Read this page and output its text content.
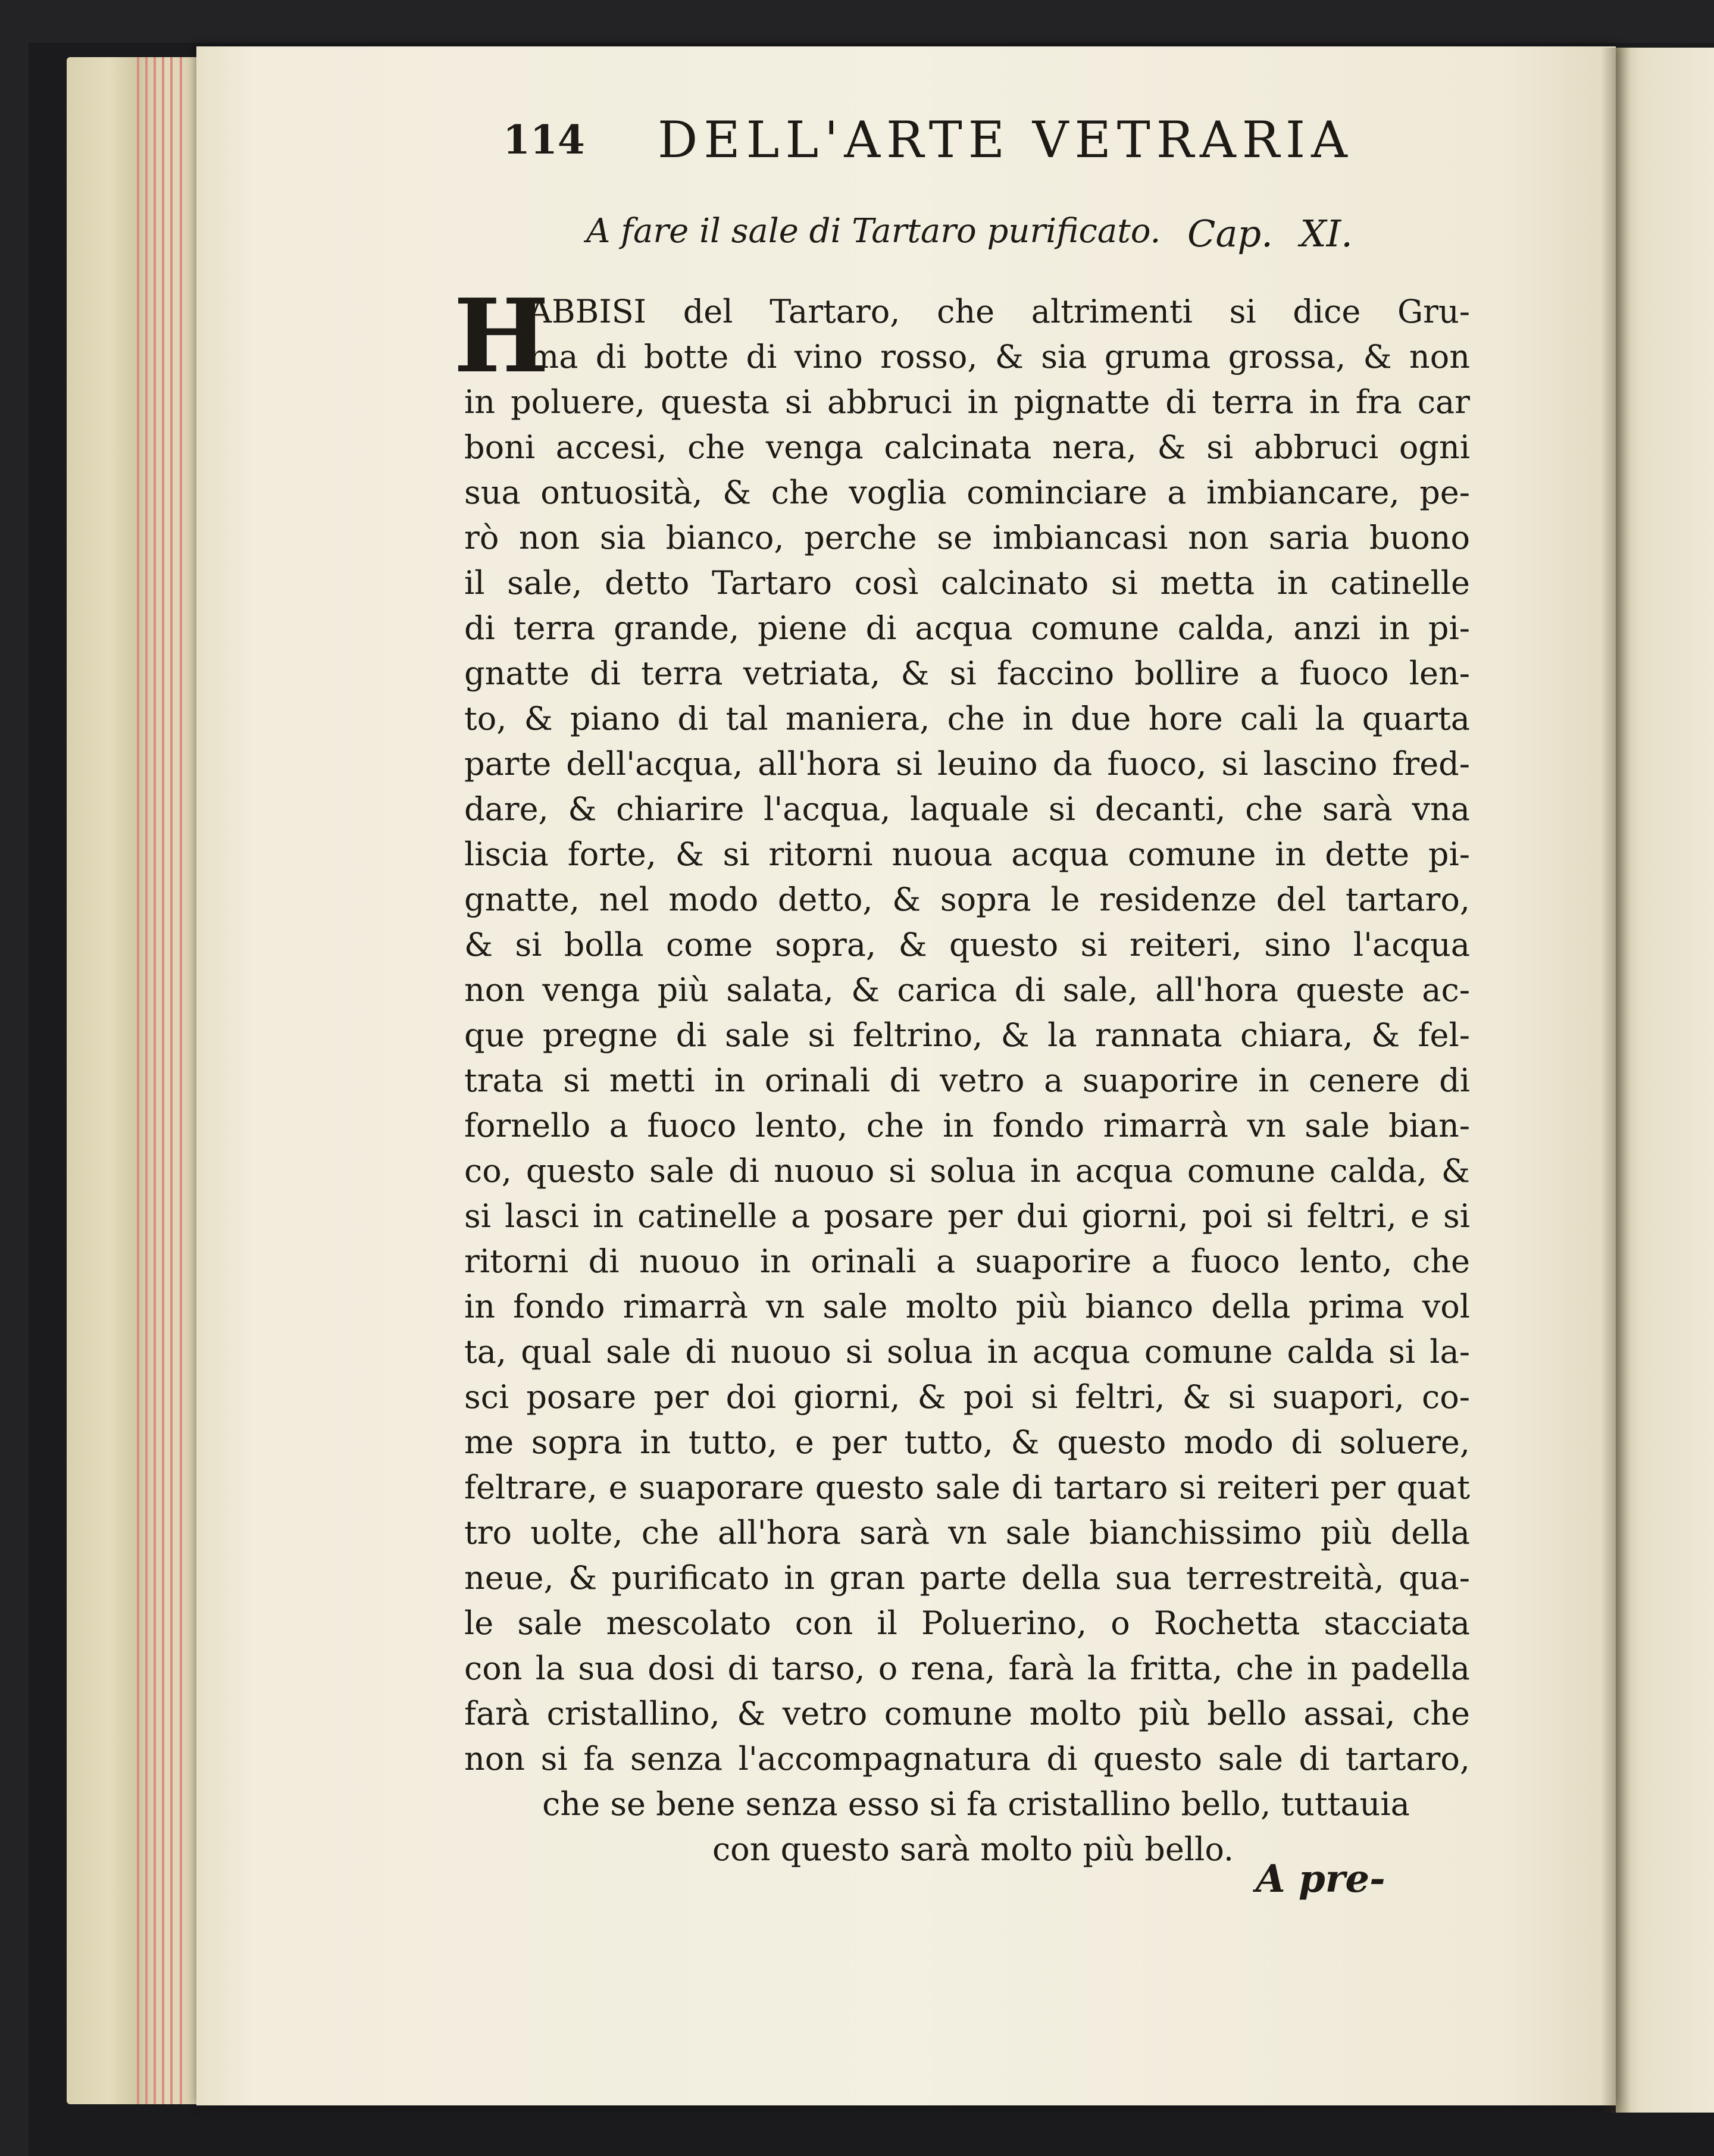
114 DELL'ARTE VETRARIA
A fare il sale di Tartaro purificato. Cap. XI.
H
ABBISI del Tartaro, che altrimenti si dice Gru-
ma di botte di vino rosso, & sia gruma grossa, & non
in poluere, questa si abbruci in pignatte di terra in fra car
boni accesi, che venga calcinata nera, & si abbruci ogni
sua ontuosità, & che voglia cominciare a imbiancare, pe-
rò non sia bianco, perche se imbiancasi non saria buono
il sale, detto Tartaro così calcinato si metta in catinelle
di terra grande, piene di acqua comune calda, anzi in pi-
gnatte di terra vetriata, & si faccino bollire a fuoco len-
to, & piano di tal maniera, che in due hore cali la quarta
parte dell'acqua, all'hora si leuino da fuoco, si lascino fred-
dare, & chiarire l'acqua, laquale si decanti, che sarà vna
liscia forte, & si ritorni nuoua acqua comune in dette pi-
gnatte, nel modo detto, & sopra le residenze del tartaro,
& si bolla come sopra, & questo si reiteri, sino l'acqua
non venga più salata, & carica di sale, all'hora queste ac-
que pregne di sale si feltrino, & la rannata chiara, & fel-
trata si metti in orinali di vetro a suaporire in cenere di
fornello a fuoco lento, che in fondo rimarrà vn sale bian-
co, questo sale di nuouo si solua in acqua comune calda, &
si lasci in catinelle a posare per dui giorni, poi si feltri, e si
ritorni di nuouo in orinali a suaporire a fuoco lento, che
in fondo rimarrà vn sale molto più bianco della prima vol
ta, qual sale di nuouo si solua in acqua comune calda si la-
sci posare per doi giorni, & poi si feltri, & si suapori, co-
me sopra in tutto, e per tutto, & questo modo di soluere,
feltrare, e suaporare questo sale di tartaro si reiteri per quat
tro uolte, che all'hora sarà vn sale bianchissimo più della
neue, & purificato in gran parte della sua terrestreità, qua-
le sale mescolato con il Poluerino, o Rochetta stacciata
con la sua dosi di tarso, o rena, farà la fritta, che in padella
farà cristallino, & vetro comune molto più bello assai, che
non si fa senza l'accompagnatura di questo sale di tartaro,
che se bene senza esso si fa cristallino bello, tuttauia
con questo sarà molto più bello.
A pre-
